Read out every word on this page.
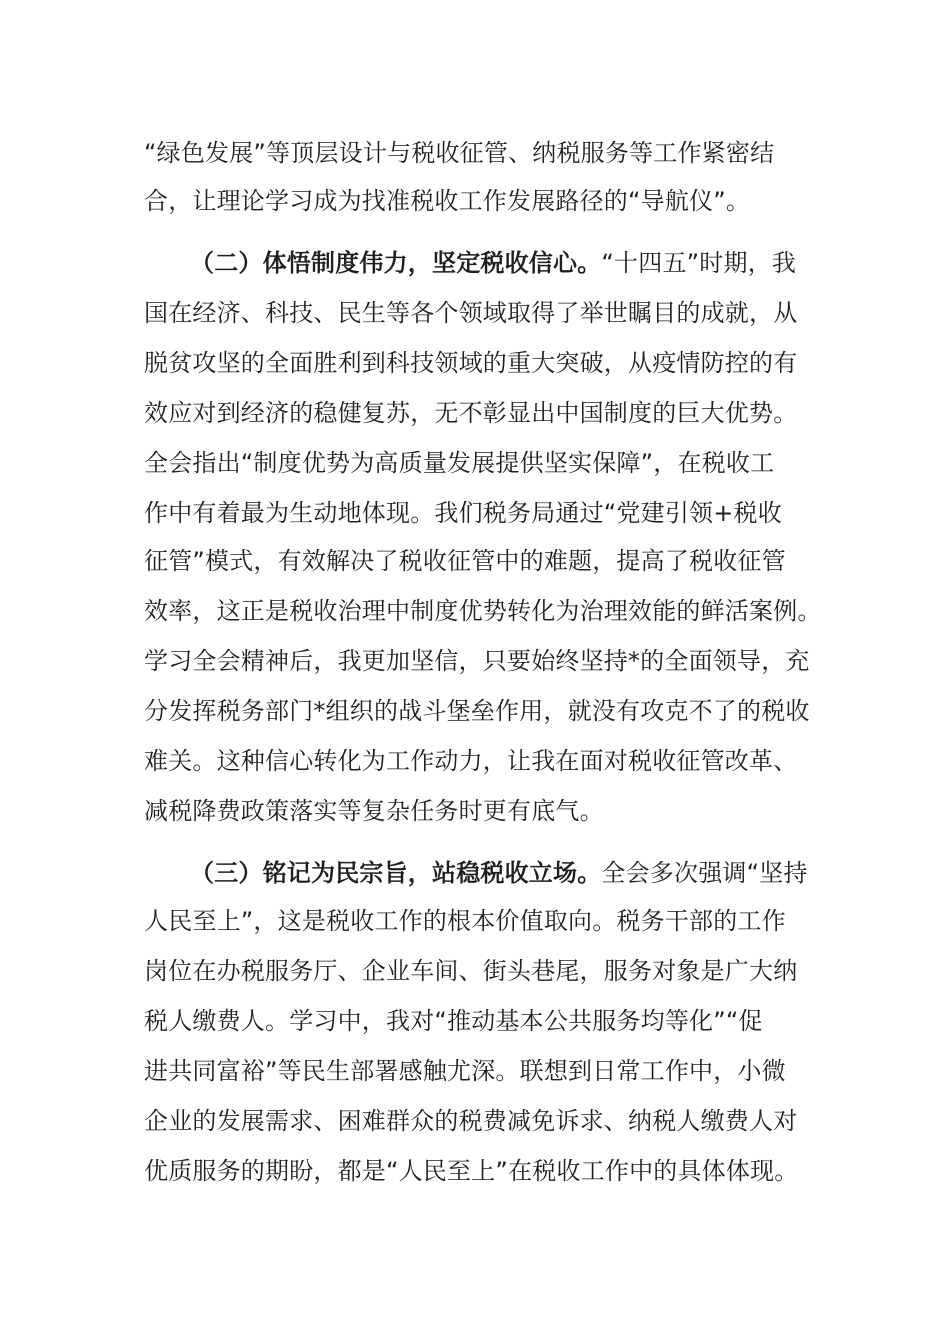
“绿色发展”等顶层设计与税收征管、纳税服务等工作紧密结
合，让理论学习成为找准税收工作发展路径的“导航仪”。
（二）体悟制度伟力，坚定税收信心。“十四五”时期，我
国在经济、科技、民生等各个领域取得了举世瞩目的成就，从
脱贫攻坚的全面胜利到科技领域的重大突破，从疫情防控的有
效应对到经济的稳健复苏，无不彰显出中国制度的巨大优势。
全会指出“制度优势为高质量发展提供坚实保障”，在税收工
作中有着最为生动地体现。我们税务局通过“党建引领+税收
征管”模式，有效解决了税收征管中的难题，提高了税收征管
效率，这正是税收治理中制度优势转化为治理效能的鲜活案例。
学习全会精神后，我更加坚信，只要始终坚持*的全面领导，充
分发挥税务部门*组织的战斗堡垒作用，就没有攻克不了的税收
难关。这种信心转化为工作动力，让我在面对税收征管改革、
减税降费政策落实等复杂任务时更有底气。
（三）铭记为民宗旨，站稳税收立场。全会多次强调“坚持
人民至上”，这是税收工作的根本价值取向。税务干部的工作
岗位在办税服务厅、企业车间、街头巷尾，服务对象是广大纳
税人缴费人。学习中，我对“推动基本公共服务均等化”“促
进共同富裕”等民生部署感触尤深。联想到日常工作中，小微
企业的发展需求、困难群众的税费减免诉求、纳税人缴费人对
优质服务的期盼，都是“人民至上”在税收工作中的具体体现。
